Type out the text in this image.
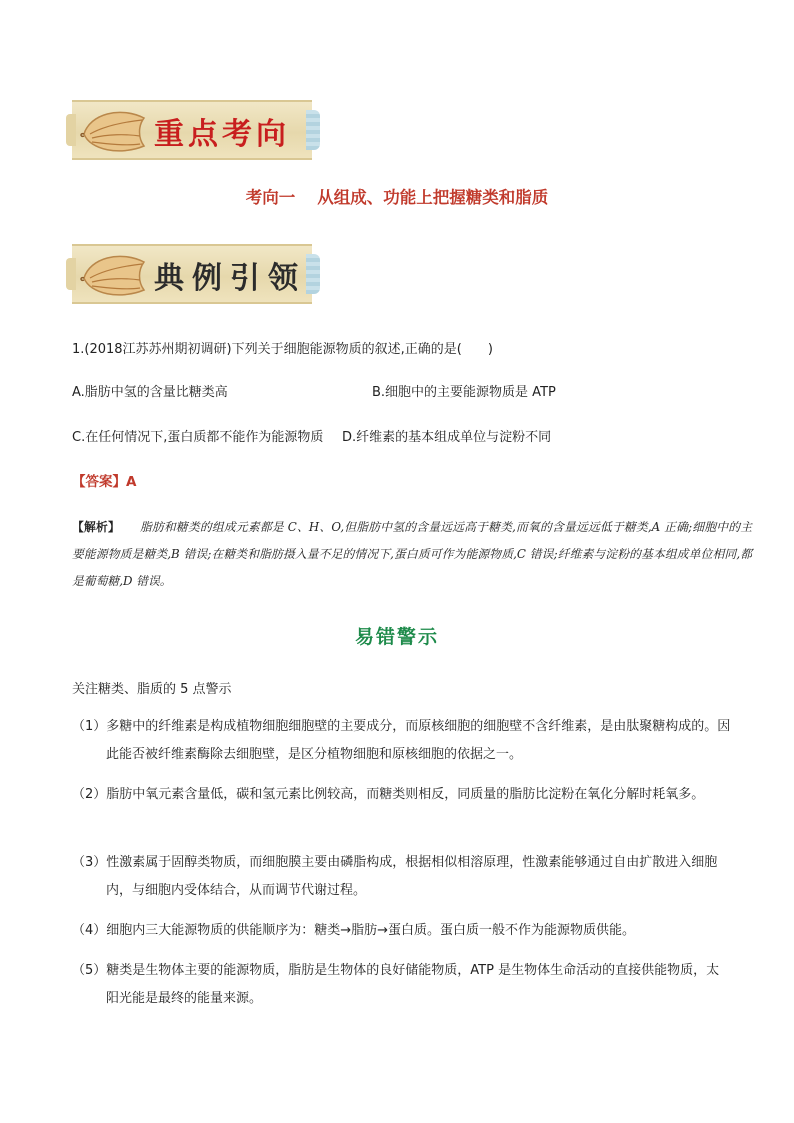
重点考向
考向一 从组成、功能上把握糖类和脂质
典例引领
1.(2018江苏苏州期初调研)下列关于细胞能源物质的叙述,正确的是(　　)
A.脂肪中氢的含量比糖类高	B.细胞中的主要能源物质是 ATP
C.在任何情况下,蛋白质都不能作为能源物质 D.纤维素的基本组成单位与淀粉不同
【答案】A
【解析】 脂肪和糖类的组成元素都是 C、H、O,但脂肪中氢的含量远远高于糖类,而氧的含量远远低于糖类,A 正确;细胞中的主要能源物质是糖类,B 错误;在糖类和脂肪摄入量不足的情况下,蛋白质可作为能源物质,C 错误;纤维素与淀粉的基本组成单位相同,都是葡萄糖,D 错误。
易错警示
关注糖类、脂质的 5 点警示
（1）多糖中的纤维素是构成植物细胞细胞壁的主要成分，而原核细胞的细胞壁不含纤维素，是由肽聚糖构成的。因此能否被纤维素酶除去细胞壁，是区分植物细胞和原核细胞的依据之一。
（2）脂肪中氧元素含量低，碳和氢元素比例较高，而糖类则相反，同质量的脂肪比淀粉在氧化分解时耗氧多。
（3）性激素属于固醇类物质，而细胞膜主要由磷脂构成，根据相似相溶原理，性激素能够通过自由扩散进入细胞内，与细胞内受体结合，从而调节代谢过程。
（4）细胞内三大能源物质的供能顺序为：糖类→脂肪→蛋白质。蛋白质一般不作为能源物质供能。
（5）糖类是生物体主要的能源物质，脂肪是生物体的良好储能物质，ATP 是生物体生命活动的直接供能物质，太阳光能是最终的能量来源。
